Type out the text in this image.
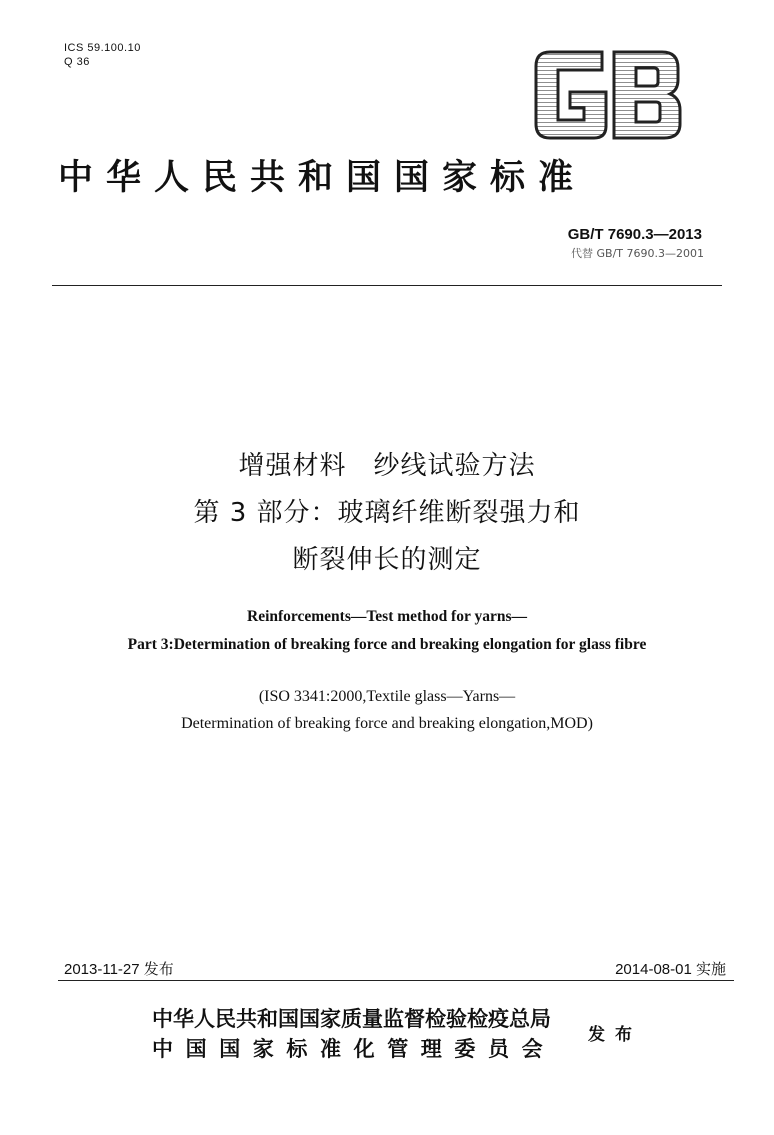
ICS 59.100.10
Q 36
中华人民共和国国家标准
GB/T 7690.3—2013
代替 GB/T 7690.3—2001
增强材料　纱线试验方法
第 3 部分：玻璃纤维断裂强力和
断裂伸长的测定
Reinforcements—Test method for yarns—
Part 3:Determination of breaking force and breaking elongation for glass fibre
(ISO 3341:2000,Textile glass—Yarns—
Determination of breaking force and breaking elongation,MOD)
2013-11-27 发布	2014-08-01 实施
中华人民共和国国家质量监督检验检疫总局
中国国家标准化管理委员会
发布
